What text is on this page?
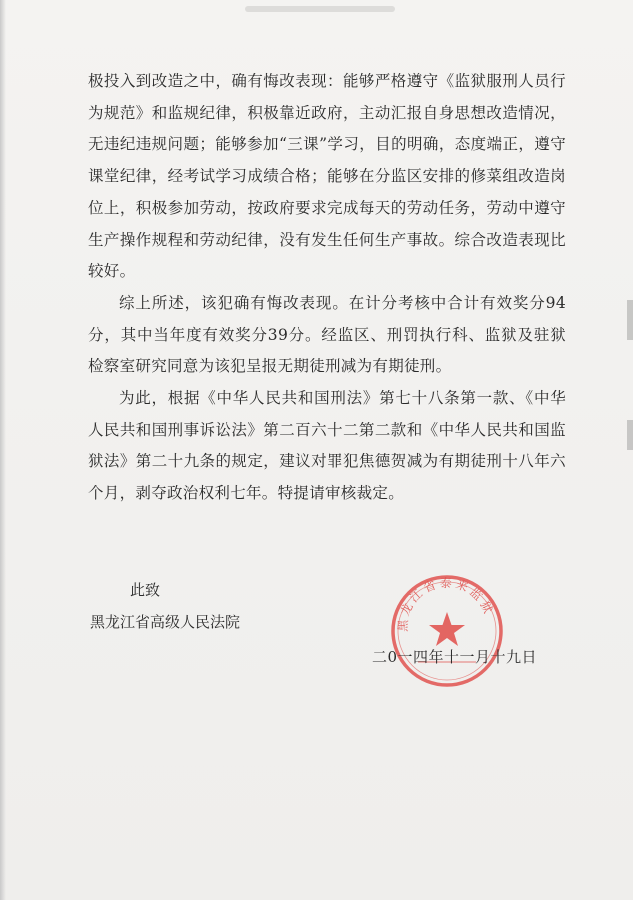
极投入到改造之中，确有悔改表现：能够严格遵守《监狱服刑人员行为规范》和监规纪律，积极靠近政府，主动汇报自身思想改造情况，无违纪违规问题；能够参加“三课”学习，目的明确，态度端正，遵守课堂纪律，经考试学习成绩合格；能够在分监区安排的修菜组改造岗位上，积极参加劳动，按政府要求完成每天的劳动任务，劳动中遵守生产操作规程和劳动纪律，没有发生任何生产事故。综合改造表现比较好。

综上所述，该犯确有悔改表现。在计分考核中合计有效奖分94分，其中当年度有效奖分39分。经监区、刑罚执行科、监狱及驻狱检察室研究同意为该犯呈报无期徒刑减为有期徒刑。

为此，根据《中华人民共和国刑法》第七十八条第一款、《中华人民共和国刑事诉讼法》第二百六十二第二款和《中华人民共和国监狱法》第二十九条的规定，建议对罪犯焦德贺减为有期徒刑十八年六个月，剥夺政治权利七年。特提请审核裁定。

此致
黑龙江省高级人民法院	黑龙江省泰来监狱
二0一四年十一月十九日
